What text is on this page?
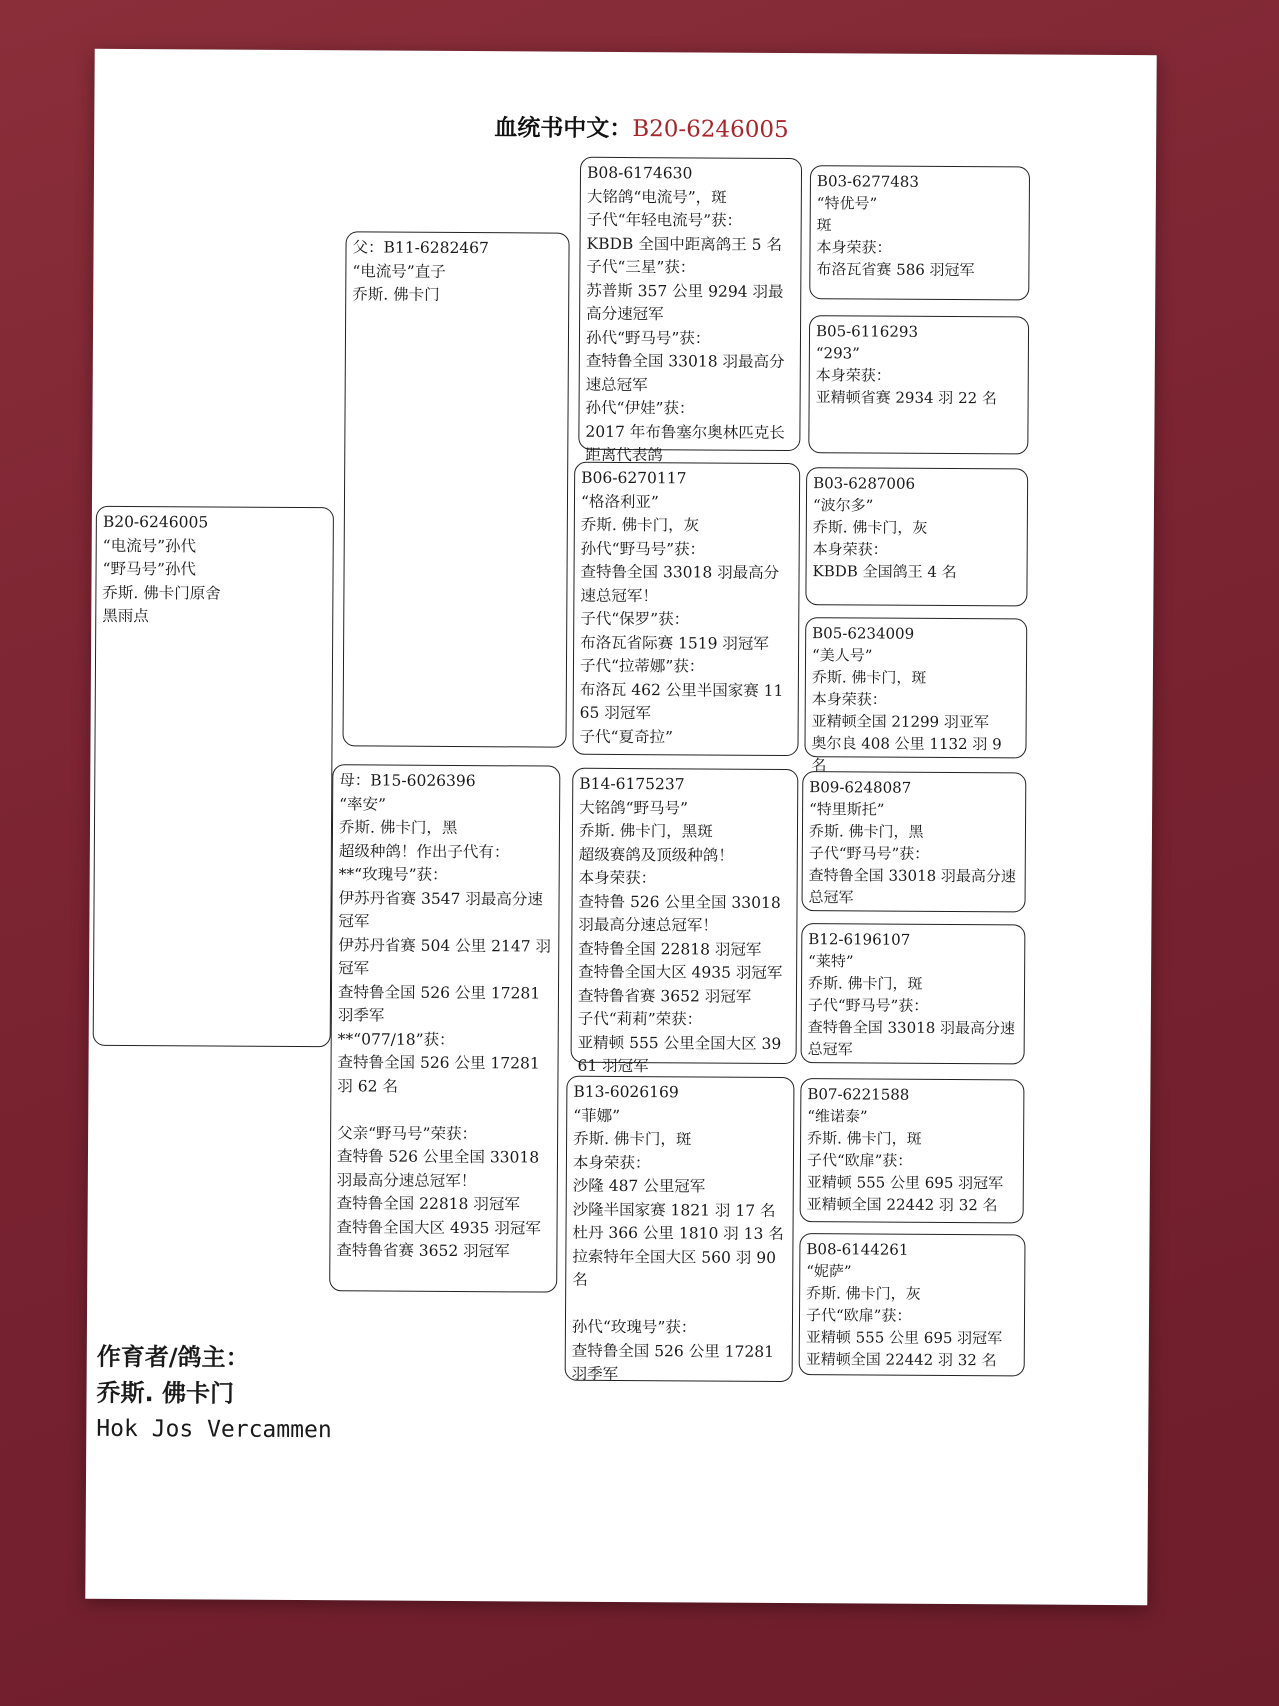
血统书中文：B20-6246005
B20-6246005
“电流号”孙代
“野马号”孙代
乔斯. 佛卡门原舍
黑雨点
父：B11-6282467
“电流号”直子
乔斯. 佛卡门
母：B15-6026396
“率安”
乔斯. 佛卡门，黑
超级种鸽！作出子代有：
**“玫瑰号”获：
伊苏丹省赛 3547 羽最高分速冠军
伊苏丹省赛 504 公里 2147 羽冠军
查特鲁全国 526 公里 17281 羽季军
**“077/18”获：
查特鲁全国 526 公里 17281 羽 62 名
父亲“野马号”荣获：
查特鲁 526 公里全国 33018 羽最高分速总冠军！
查特鲁全国 22818 羽冠军
查特鲁全国大区 4935 羽冠军
查特鲁省赛 3652 羽冠军
B08-6174630
大铭鸽“电流号”，斑
子代“年轻电流号”获：
KBDB 全国中距离鸽王 5 名
子代“三星”获：
苏普斯 357 公里 9294 羽最高分速冠军
孙代“野马号”获：
查特鲁全国 33018 羽最高分速总冠军
孙代“伊娃”获：
2017 年布鲁塞尔奥林匹克长距离代表鸽
B06-6270117
“格洛利亚”
乔斯. 佛卡门，灰
孙代“野马号”获：
查特鲁全国 33018 羽最高分速总冠军！
子代“保罗”获：
布洛瓦省际赛 1519 羽冠军
子代“拉蒂娜”获：
布洛瓦 462 公里半国家赛 1165 羽冠军
子代“夏奇拉”
B14-6175237
大铭鸽“野马号”
乔斯. 佛卡门，黑斑
超级赛鸽及顶级种鸽！
本身荣获：
查特鲁 526 公里全国 33018 羽最高分速总冠军！
查特鲁全国 22818 羽冠军
查特鲁全国大区 4935 羽冠军
查特鲁省赛 3652 羽冠军
子代“莉莉”荣获：
亚精顿 555 公里全国大区 3961 羽冠军
B13-6026169
“菲娜”
乔斯. 佛卡门，斑
本身荣获：
沙隆 487 公里冠军
沙隆半国家赛 1821 羽 17 名
杜丹 366 公里 1810 羽 13 名
拉索特年全国大区 560 羽 90 名
孙代“玫瑰号”获：
查特鲁全国 526 公里 17281 羽季军
B03-6277483
“特优号”
斑
本身荣获：
布洛瓦省赛 586 羽冠军
B05-6116293
“293”
本身荣获：
亚精顿省赛 2934 羽 22 名
B03-6287006
“波尔多”
乔斯. 佛卡门，灰
本身荣获：
KBDB 全国鸽王 4 名
B05-6234009
“美人号”
乔斯. 佛卡门，斑
本身荣获：
亚精顿全国 21299 羽亚军
奥尔良 408 公里 1132 羽 9 名
B09-6248087
“特里斯托”
乔斯. 佛卡门，黑
子代“野马号”获：
查特鲁全国 33018 羽最高分速总冠军
B12-6196107
“莱特”
乔斯. 佛卡门，斑
子代“野马号”获：
查特鲁全国 33018 羽最高分速总冠军
B07-6221588
“维诺泰”
乔斯. 佛卡门，斑
子代“欧扉”获：
亚精顿 555 公里 695 羽冠军
亚精顿全国 22442 羽 32 名
B08-6144261
“妮萨”
乔斯. 佛卡门，灰
子代“欧扉”获：
亚精顿 555 公里 695 羽冠军
亚精顿全国 22442 羽 32 名
作育者/鸽主：
乔斯. 佛卡门
Hok Jos Vercammen
